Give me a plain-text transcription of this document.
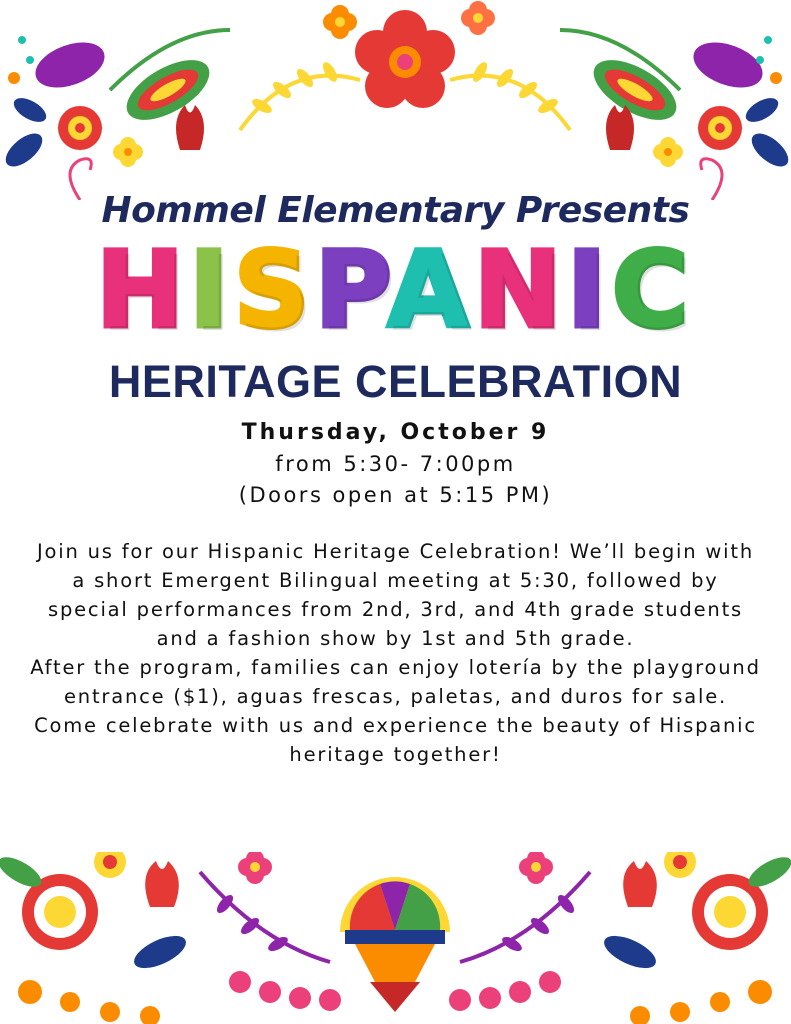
Hommel Elementary Presents
HISPANIC
HERITAGE CELEBRATION
Thursday, October 9
from 5:30- 7:00pm
(Doors open at 5:15 PM)

Join us for our Hispanic Heritage Celebration! We’ll begin with a short Emergent Bilingual meeting at 5:30, followed by special performances from 2nd, 3rd, and 4th grade students and a fashion show by 1st and 5th grade.

After the program, families can enjoy lotería by the playground entrance ($1), aguas frescas, paletas, and duros for sale.

Come celebrate with us and experience the beauty of Hispanic heritage together!
